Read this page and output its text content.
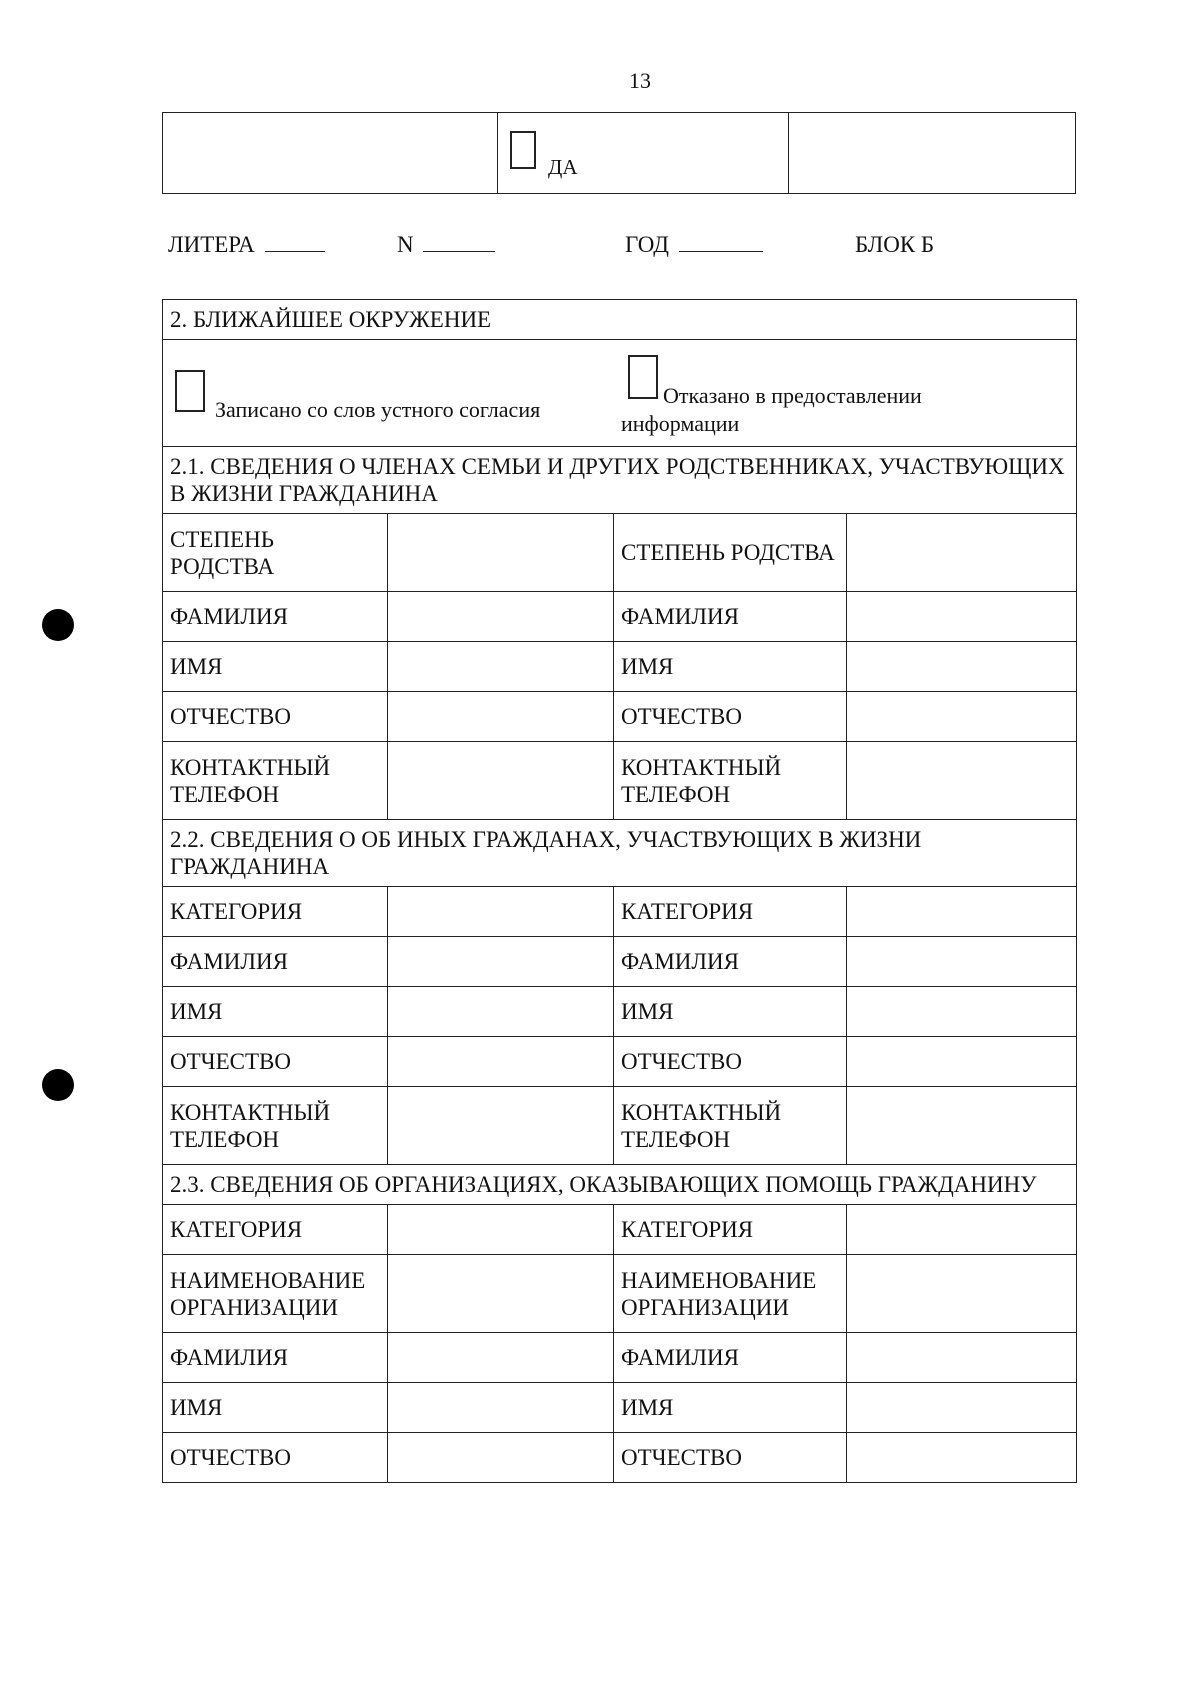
13
ДА
ЛИТЕРА	N	ГОД	БЛОК Б
2. БЛИЖАЙШЕЕ ОКРУЖЕНИЕ			

Записано со слов устного согласия
Отказано в предоставлении информации			

2.1. СВЕДЕНИЯ О ЧЛЕНАХ СЕМЬИ И ДРУГИХ РОДСТВЕННИКАХ, УЧАСТВУЮЩИХ В ЖИЗНИ ГРАЖДАНИНА			
СТЕПЕНЬ РОДСТВА		СТЕПЕНЬ РОДСТВА	
ФАМИЛИЯ		ФАМИЛИЯ	
ИМЯ		ИМЯ	
ОТЧЕСТВО		ОТЧЕСТВО	
КОНТАКТНЫЙ ТЕЛЕФОН		КОНТАКТНЫЙ ТЕЛЕФОН	
2.2. СВЕДЕНИЯ О ОБ ИНЫХ ГРАЖДАНАХ, УЧАСТВУЮЩИХ В ЖИЗНИ ГРАЖДАНИНА			
КАТЕГОРИЯ		КАТЕГОРИЯ	
ФАМИЛИЯ		ФАМИЛИЯ	
ИМЯ		ИМЯ	
ОТЧЕСТВО		ОТЧЕСТВО	
КОНТАКТНЫЙ ТЕЛЕФОН		КОНТАКТНЫЙ ТЕЛЕФОН	
2.3. СВЕДЕНИЯ ОБ ОРГАНИЗАЦИЯХ, ОКАЗЫВАЮЩИХ ПОМОЩЬ ГРАЖДАНИНУ			
КАТЕГОРИЯ		КАТЕГОРИЯ	
НАИМЕНОВАНИЕ ОРГАНИЗАЦИИ		НАИМЕНОВАНИЕ ОРГАНИЗАЦИИ	
ФАМИЛИЯ		ФАМИЛИЯ	
ИМЯ		ИМЯ	
ОТЧЕСТВО		ОТЧЕСТВО	
